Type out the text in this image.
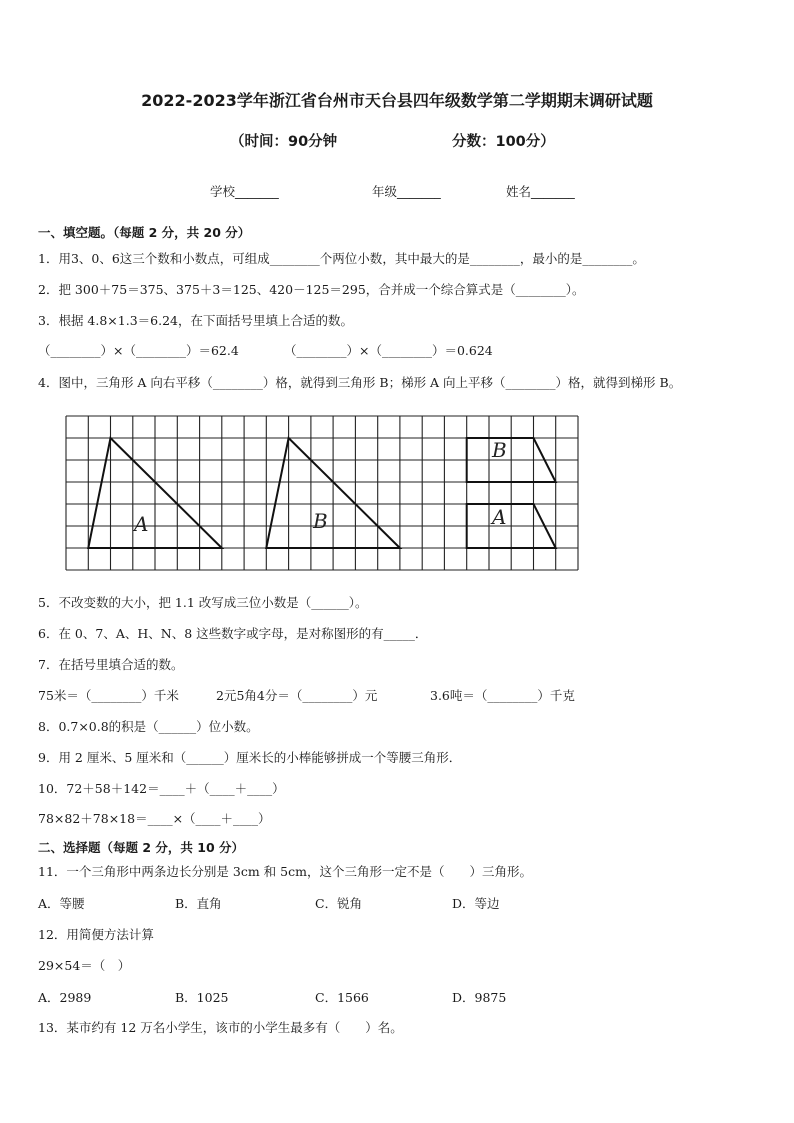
2022-2023学年浙江省台州市天台县四年级数学第二学期期末调研试题
（时间：90分钟	分数：100分）
学校_______	年级_______	姓名_______
一、填空题。（每题 2 分，共 20 分）
1．用3、0、6这三个数和小数点，可组成________个两位小数，其中最大的是________，最小的是________。
2．把 300＋75＝375、375＋3＝125、420－125＝295，合并成一个综合算式是（________）。
3．根据 4.8×1.3＝6.24，在下面括号里填上合适的数。
（________）×（________）＝62.4	（________）×（________）＝0.624
4．图中，三角形 A 向右平移（________）格，就得到三角形 B；梯形 A 向上平移（________）格，就得到梯形 B。
A	B
B
A
5．不改变数的大小，把 1.1 改写成三位小数是（______）。
6．在 0、7、A、H、N、8 这些数字或字母，是对称图形的有_____．
7．在括号里填合适的数。
75米＝（________）千米	2元5角4分＝（________）元	3.6吨＝（________）千克
8．0.7×0.8的积是（______）位小数。
9．用 2 厘米、5 厘米和（______）厘米长的小棒能够拼成一个等腰三角形．
10．72＋58＋142＝____＋（____＋____）
78×82＋78×18＝____×（____＋____）
二、选择题（每题 2 分，共 10 分）
11．一个三角形中两条边长分别是 3cm 和 5cm，这个三角形一定不是（　　）三角形。
A．等腰	B．直角	C．锐角	D．等边
12．用简便方法计算
29×54＝（　）
A．2989	B．1025	C．1566	D．9875
13．某市约有 12 万名小学生，该市的小学生最多有（　　）名。
